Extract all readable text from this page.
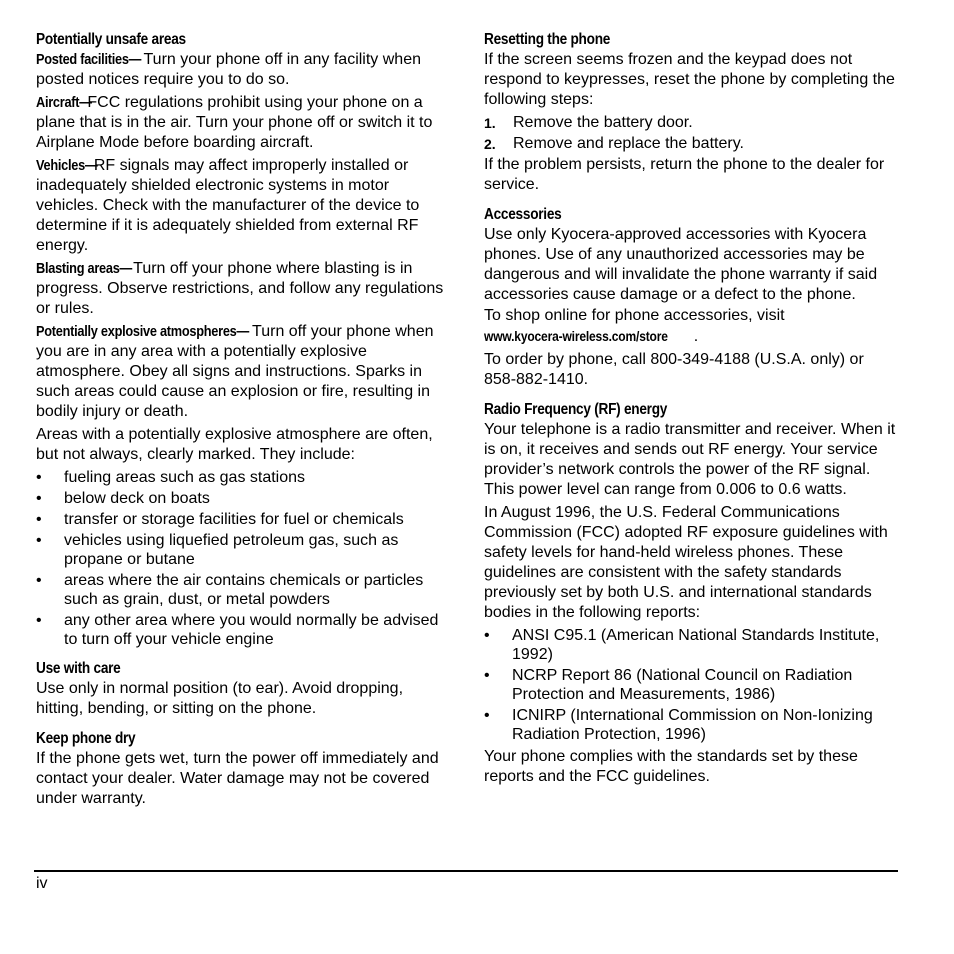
Potentially unsafe areas

Posted facilities— Turn your phone off in any facility when posted notices require you to do so.

Aircraft—FCC regulations prohibit using your phone on a plane that is in the air. Turn your phone off or switch it to Airplane Mode before boarding aircraft.

Vehicles—RF signals may affect improperly installed or inadequately shielded electronic systems in motor vehicles. Check with the manufacturer of the device to determine if it is adequately shielded from external RF energy.

Blasting areas—Turn off your phone where blasting is in progress. Observe restrictions, and follow any regulations or rules.

Potentially explosive atmospheres— Turn off your phone when you are in any area with a potentially explosive atmosphere. Obey all signs and instructions. Sparks in such areas could cause an explosion or fire, resulting in bodily injury or death.

Areas with a potentially explosive atmosphere are often, but not always, clearly marked. They include:

• fueling areas such as gas stations
• below deck on boats
• transfer or storage facilities for fuel or chemicals
• vehicles using liquefied petroleum gas, such as propane or butane
• areas where the air contains chemicals or particles such as grain, dust, or metal powders
• any other area where you would normally be advised to turn off your vehicle engine
Use with care

Use only in normal position (to ear). Avoid dropping, hitting, bending, or sitting on the phone.

Keep phone dry

If the phone gets wet, turn the power off immediately and contact your dealer. Water damage may not be covered under warranty.

Resetting the phone

If the screen seems frozen and the keypad does not respond to keypresses, reset the phone by completing the following steps:

1. Remove the battery door.
2. Remove and replace the battery.

If the problem persists, return the phone to the dealer for service.

Accessories

Use only Kyocera-approved accessories with Kyocera phones. Use of any unauthorized accessories may be dangerous and will invalidate the phone warranty if said accessories cause damage or a defect to the phone.

To shop online for phone accessories, visit
www.kyocera-wireless.com/store .

To order by phone, call 800-349-4188 (U.S.A. only) or 858-882-1410.

Radio Frequency (RF) energy

Your telephone is a radio transmitter and receiver. When it is on, it receives and sends out RF energy. Your service provider’s network controls the power of the RF signal. This power level can range from 0.006 to 0.6 watts.

In August 1996, the U.S. Federal Communications Commission (FCC) adopted RF exposure guidelines with safety levels for hand-held wireless phones. These guidelines are consistent with the safety standards previously set by both U.S. and international standards bodies in the following reports:

• ANSI C95.1 (American National Standards Institute, 1992)
• NCRP Report 86 (National Council on Radiation Protection and Measurements, 1986)
• ICNIRP (International Commission on Non-Ionizing Radiation Protection, 1996)

Your phone complies with the standards set by these reports and the FCC guidelines.

iv
